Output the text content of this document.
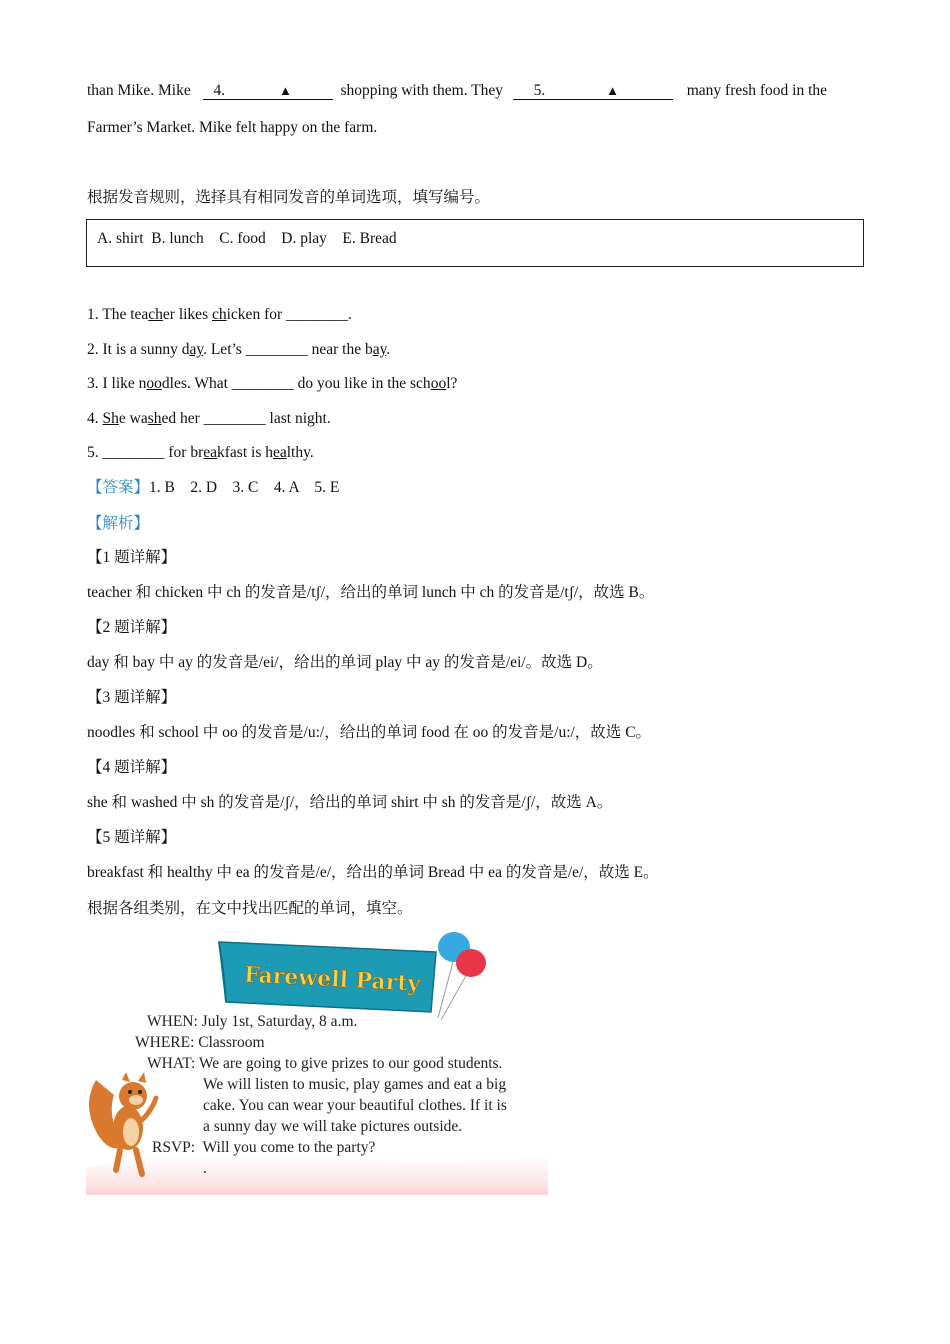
than Mike. Mike 4.	▲	shopping with them. They 5.	▲	many fresh food in the
Farmer’s Market. Mike felt happy on the farm.
根据发音规则，选择具有相同发音的单词选项，填写编号。
A. shirt  B. lunch    C. food    D. play    E. Bread
1. The teacher likes chicken for ________.
2. It is a sunny day. Let’s ________ near the bay.
3. I like noodles. What ________ do you like in the school?
4. She washed her ________ last night.
5. ________ for breakfast is healthy.
【答案】1. B    2. D    3. C    4. A    5. E
【解析】
【1 题详解】
teacher 和 chicken 中 ch 的发音是/tʃ/，给出的单词 lunch 中 ch 的发音是/tʃ/，故选 B。
【2 题详解】
day 和 bay 中 ay 的发音是/ei/，给出的单词 play 中 ay 的发音是/ei/。故选 D。
【3 题详解】
noodles 和 school 中 oo 的发音是/u:/，给出的单词 food 在 oo 的发音是/u:/，故选 C。
【4 题详解】
she 和 washed 中 sh 的发音是/ʃ/，给出的单词 shirt 中 sh 的发音是/ʃ/，故选 A。
【5 题详解】
breakfast 和 healthy 中 ea 的发音是/e/，给出的单词 Bread 中 ea 的发音是/e/，故选 E。
根据各组类别，在文中找出匹配的单词，填空。
Farewell Party
WHEN: July 1st, Saturday, 8 a.m.
WHERE: Classroom
WHAT: We are going to give prizes to our good students.
We will listen to music, play games and eat a big
cake. You can wear your beautiful clothes. If it is
a sunny day we will take pictures outside.
RSVP:  Will you come to the party?
.
